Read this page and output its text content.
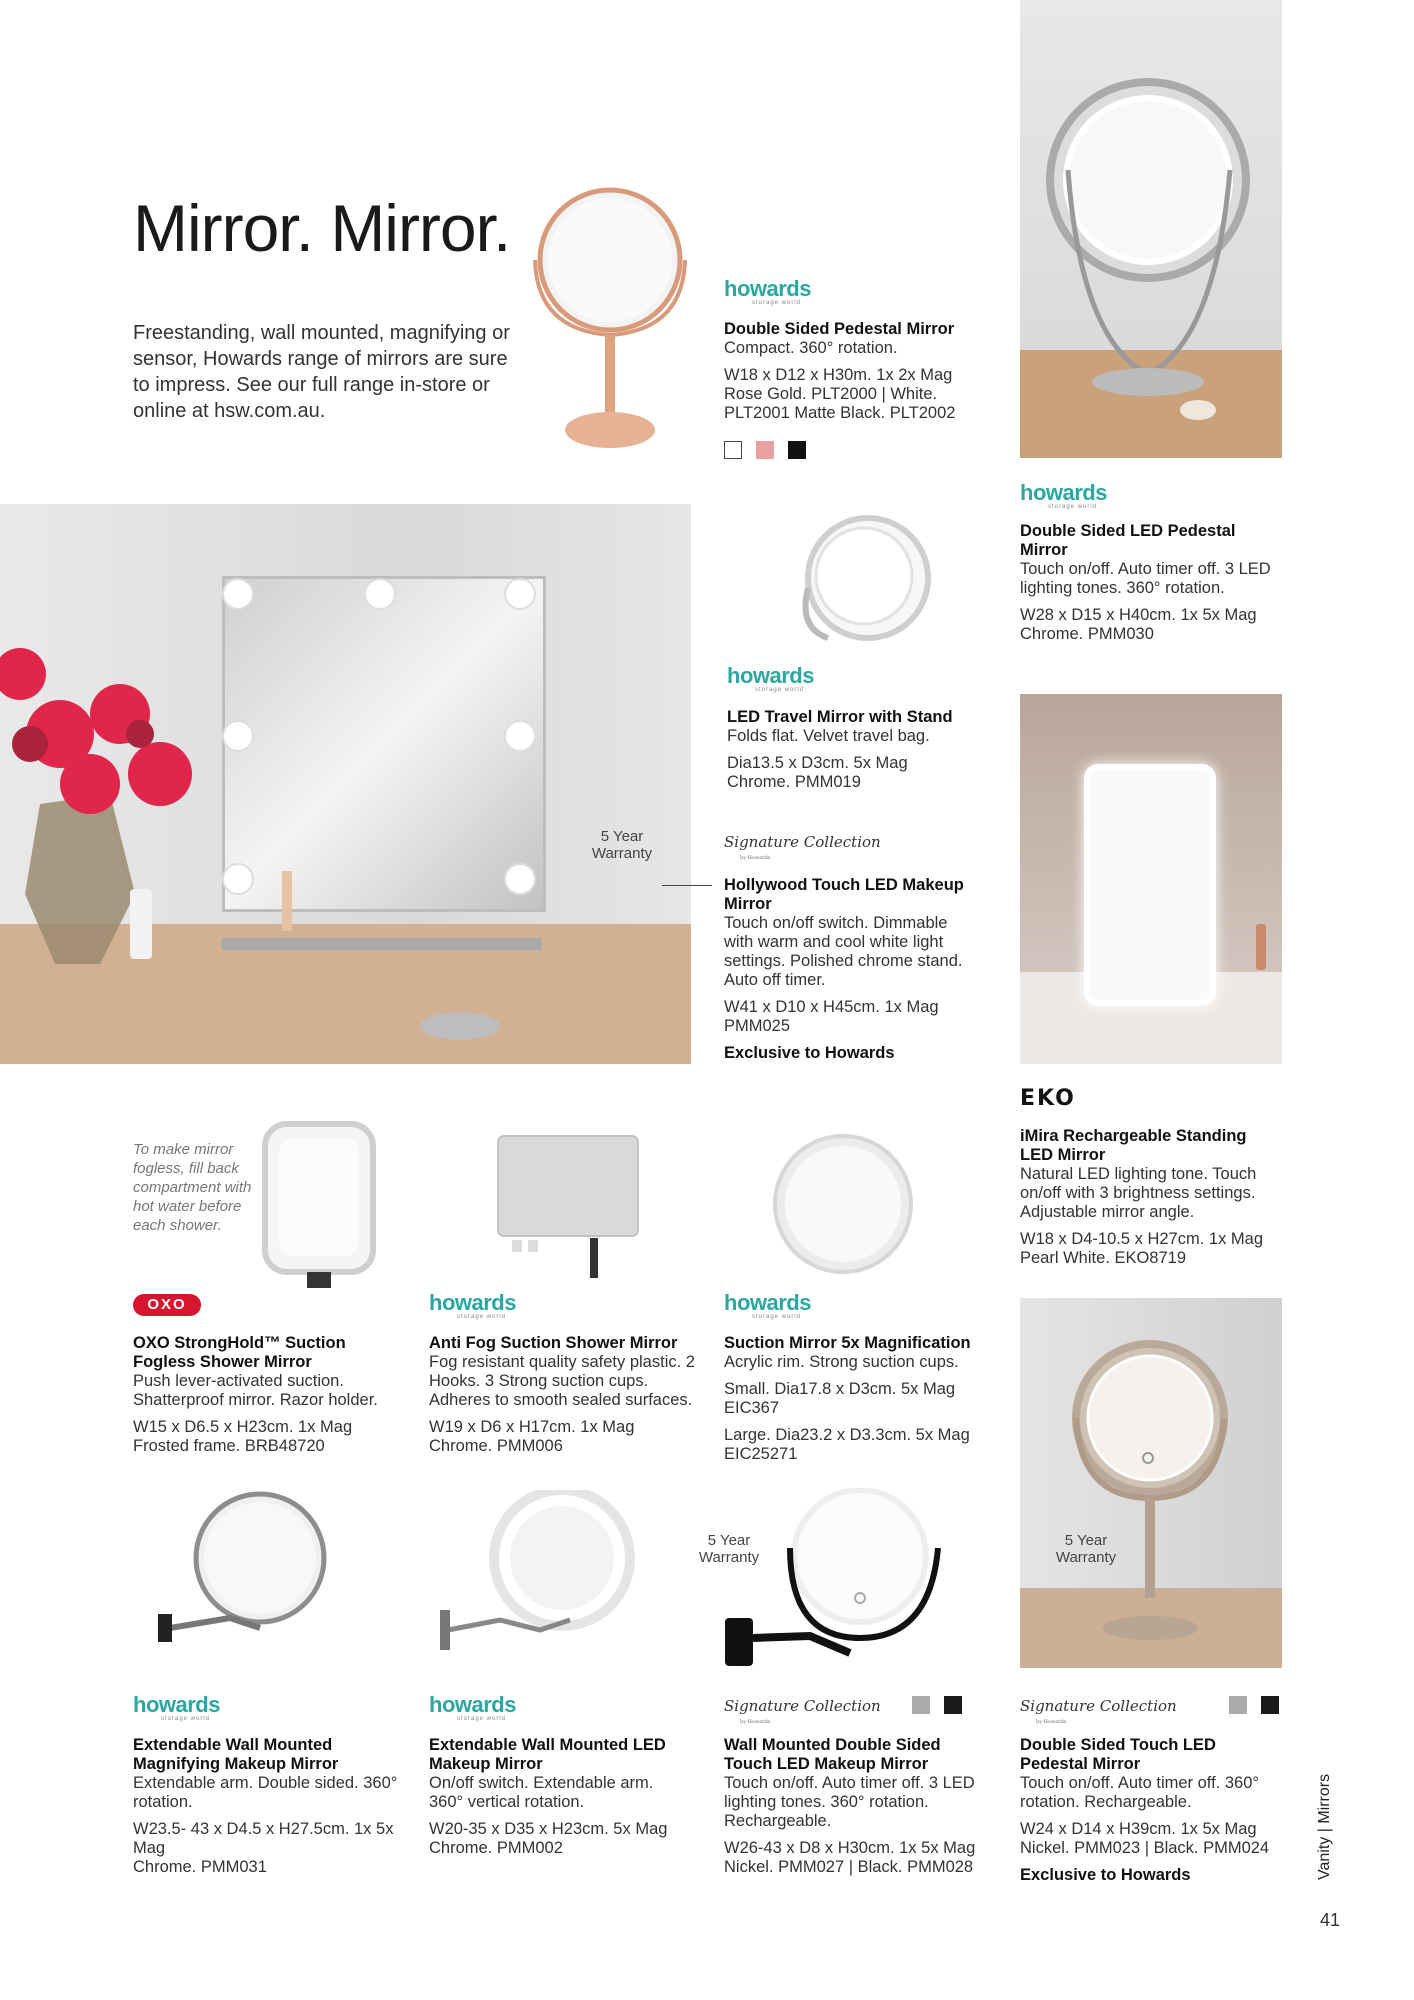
Mirror. Mirror.
Freestanding, wall mounted, magnifying or sensor, Howards range of mirrors are sure to impress. See our full range in-store or online at hsw.com.au.
howards
storage world
Double Sided Pedestal Mirror
Compact. 360° rotation.
W18 x D12 x H30m. 1x 2x Mag
Rose Gold. PLT2000 | White. PLT2001 Matte Black. PLT2002
howards
storage world
Double Sided LED Pedestal Mirror
Touch on/off. Auto timer off. 3 LED lighting tones. 360° rotation.
W28 x D15 x H40cm. 1x 5x Mag
Chrome. PMM030
howards
storage world
LED Travel Mirror with Stand
Folds flat. Velvet travel bag.
Dia13.5 x D3cm. 5x Mag
Chrome. PMM019
5 Year Warranty
Signature Collection
by Howards
Hollywood Touch LED Makeup Mirror
Touch on/off switch. Dimmable with warm and cool white light settings. Polished chrome stand. Auto off timer.
W41 x D10 x H45cm. 1x Mag
PMM025
Exclusive to Howards
EKO
iMira Rechargeable Standing LED Mirror
Natural LED lighting tone. Touch on/off with 3 brightness settings. Adjustable mirror angle.
W18 x D4-10.5 x H27cm. 1x Mag
Pearl White. EKO8719
To make mirror fogless, fill back compartment with hot water before each shower.
OXO
OXO StrongHold™ Suction Fogless Shower Mirror
Push lever-activated suction. Shatterproof mirror. Razor holder.
W15 x D6.5 x H23cm. 1x Mag
Frosted frame. BRB48720
howards
storage world
Anti Fog Suction Shower Mirror
Fog resistant quality safety plastic. 2 Hooks. 3 Strong suction cups. Adheres to smooth sealed surfaces.
W19 x D6 x H17cm. 1x Mag
Chrome. PMM006
howards
storage world
Suction Mirror 5x Magnification
Acrylic rim. Strong suction cups.
Small. Dia17.8 x D3cm. 5x Mag
EIC367
Large. Dia23.2 x D3.3cm. 5x Mag
EIC25271
5 Year Warranty
5 Year Warranty
howards
storage world
Extendable Wall Mounted Magnifying Makeup Mirror
Extendable arm. Double sided. 360° rotation.
W23.5- 43 x D4.5 x H27.5cm. 1x 5x Mag
Chrome. PMM031
howards
storage world
Extendable Wall Mounted LED Makeup Mirror
On/off switch. Extendable arm. 360° vertical rotation.
W20-35 x D35 x H23cm. 5x Mag
Chrome. PMM002
Signature Collection
by Howards
Wall Mounted Double Sided Touch LED Makeup Mirror
Touch on/off. Auto timer off. 3 LED lighting tones. 360° rotation. Rechargeable.
W26-43 x D8 x H30cm. 1x 5x Mag
Nickel. PMM027 | Black. PMM028
Signature Collection
by Howards
Double Sided Touch LED Pedestal Mirror
Touch on/off. Auto timer off. 360° rotation. Rechargeable.
W24 x D14 x H39cm. 1x 5x Mag
Nickel. PMM023 | Black. PMM024
Exclusive to Howards	Vanity | Mirrors
41
